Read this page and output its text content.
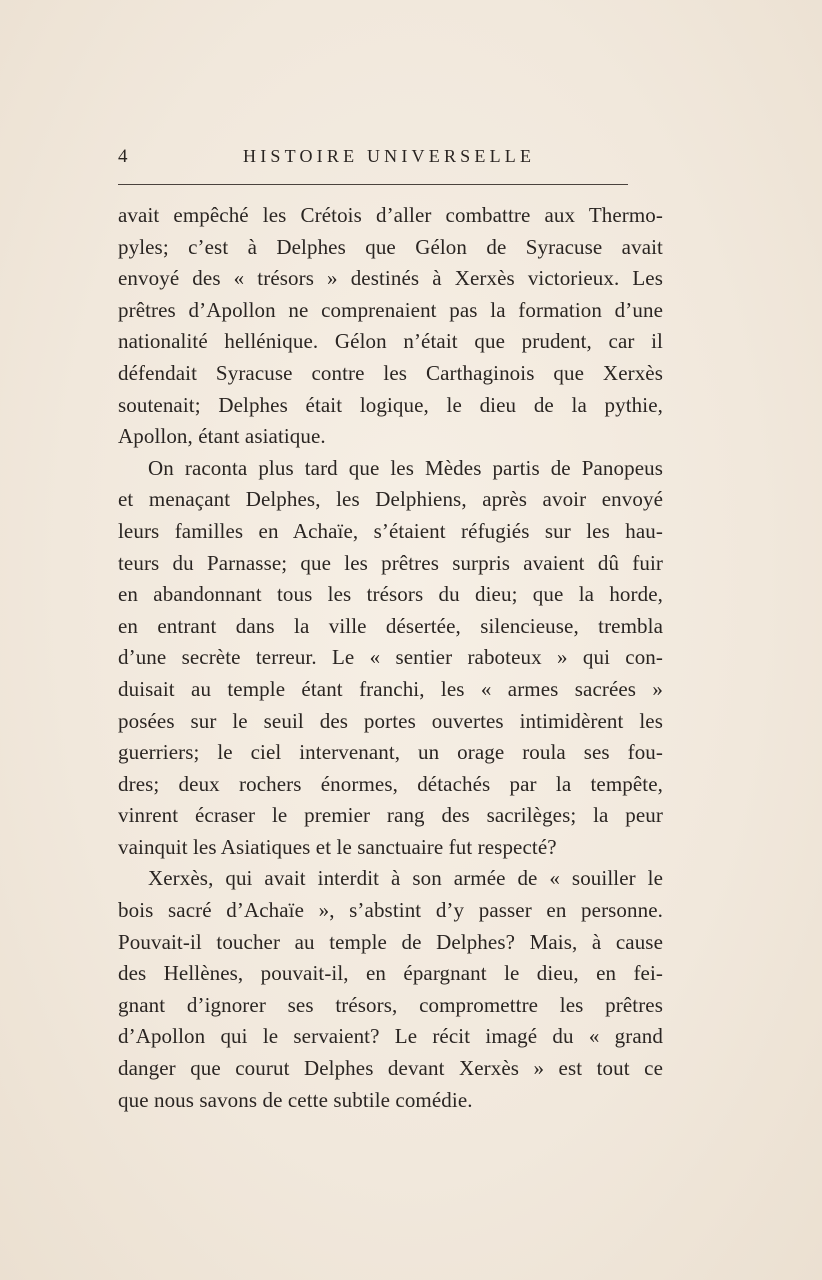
4	HISTOIRE UNIVERSELLE
avait empêché les Crétois d’aller combattre aux Thermo-
pyles; c’est à Delphes que Gélon de Syracuse avait
envoyé des « trésors » destinés à Xerxès victorieux. Les
prêtres d’Apollon ne comprenaient pas la formation d’une
nationalité hellénique. Gélon n’était que prudent, car il
défendait Syracuse contre les Carthaginois que Xerxès
soutenait; Delphes était logique, le dieu de la pythie,
Apollon, étant asiatique.
On raconta plus tard que les Mèdes partis de Panopeus
et menaçant Delphes, les Delphiens, après avoir envoyé
leurs familles en Achaïe, s’étaient réfugiés sur les hau-
teurs du Parnasse; que les prêtres surpris avaient dû fuir
en abandonnant tous les trésors du dieu; que la horde,
en entrant dans la ville désertée, silencieuse, trembla
d’une secrète terreur. Le « sentier raboteux » qui con-
duisait au temple étant franchi, les « armes sacrées »
posées sur le seuil des portes ouvertes intimidèrent les
guerriers; le ciel intervenant, un orage roula ses fou-
dres; deux rochers énormes, détachés par la tempête,
vinrent écraser le premier rang des sacrilèges; la peur
vainquit les Asiatiques et le sanctuaire fut respecté?
Xerxès, qui avait interdit à son armée de « souiller le
bois sacré d’Achaïe », s’abstint d’y passer en personne.
Pouvait-il toucher au temple de Delphes? Mais, à cause
des Hellènes, pouvait-il, en épargnant le dieu, en fei-
gnant d’ignorer ses trésors, compromettre les prêtres
d’Apollon qui le servaient? Le récit imagé du « grand
danger que courut Delphes devant Xerxès » est tout ce
que nous savons de cette subtile comédie.
